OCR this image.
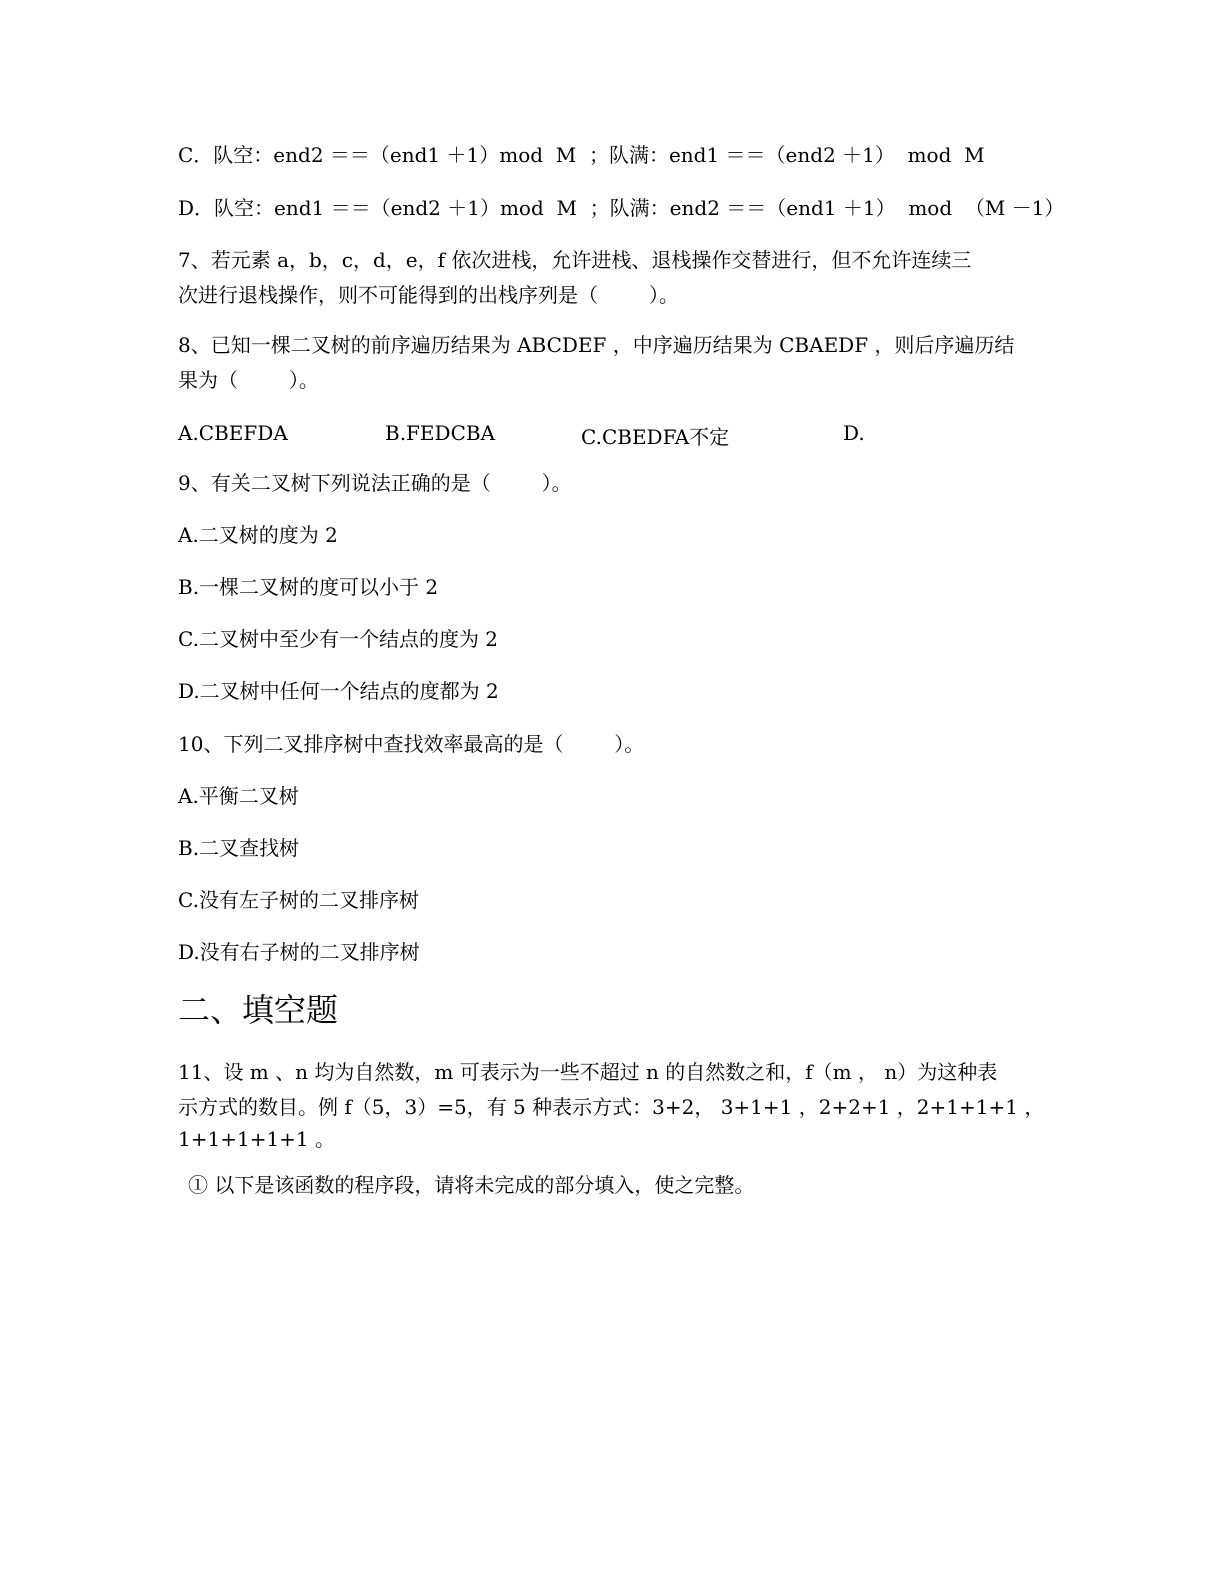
C．队空：end2 ＝＝（end1 ＋1）mod  M  ；队满：end1 ＝＝（end2 ＋1）  mod  M
D．队空：end1 ＝＝（end2 ＋1）mod  M  ；队满：end2 ＝＝（end1 ＋1）  mod  （M －1）
7、若元素 a，b，c，d，e，f 依次进栈，允许进栈、退栈操作交替进行，但不允许连续三
次进行退栈操作，则不可能得到的出栈序列是（        ）。
8、已知一棵二叉树的前序遍历结果为 ABCDEF ，中序遍历结果为 CBAEDF ，则后序遍历结
果为（        ）。
A.CBEFDA	B.FEDCBA	C.CBEDFA不定	D.
9、有关二叉树下列说法正确的是（        ）。
A.二叉树的度为 2
B.一棵二叉树的度可以小于 2
C.二叉树中至少有一个结点的度为 2
D.二叉树中任何一个结点的度都为 2
10、下列二叉排序树中查找效率最高的是（        ）。
A.平衡二叉树
B.二叉查找树
C.没有左子树的二叉排序树
D.没有右子树的二叉排序树
二、填空题
11、设 m 、n 均为自然数，m 可表示为一些不超过 n 的自然数之和，f（m ， n）为这种表
示方式的数目。例 f（5，3）=5，有 5 种表示方式：3+2， 3+1+1 ，2+2+1 ，2+1+1+1 ，
1+1+1+1+1 。
① 以下是该函数的程序段，请将未完成的部分填入，使之完整。
